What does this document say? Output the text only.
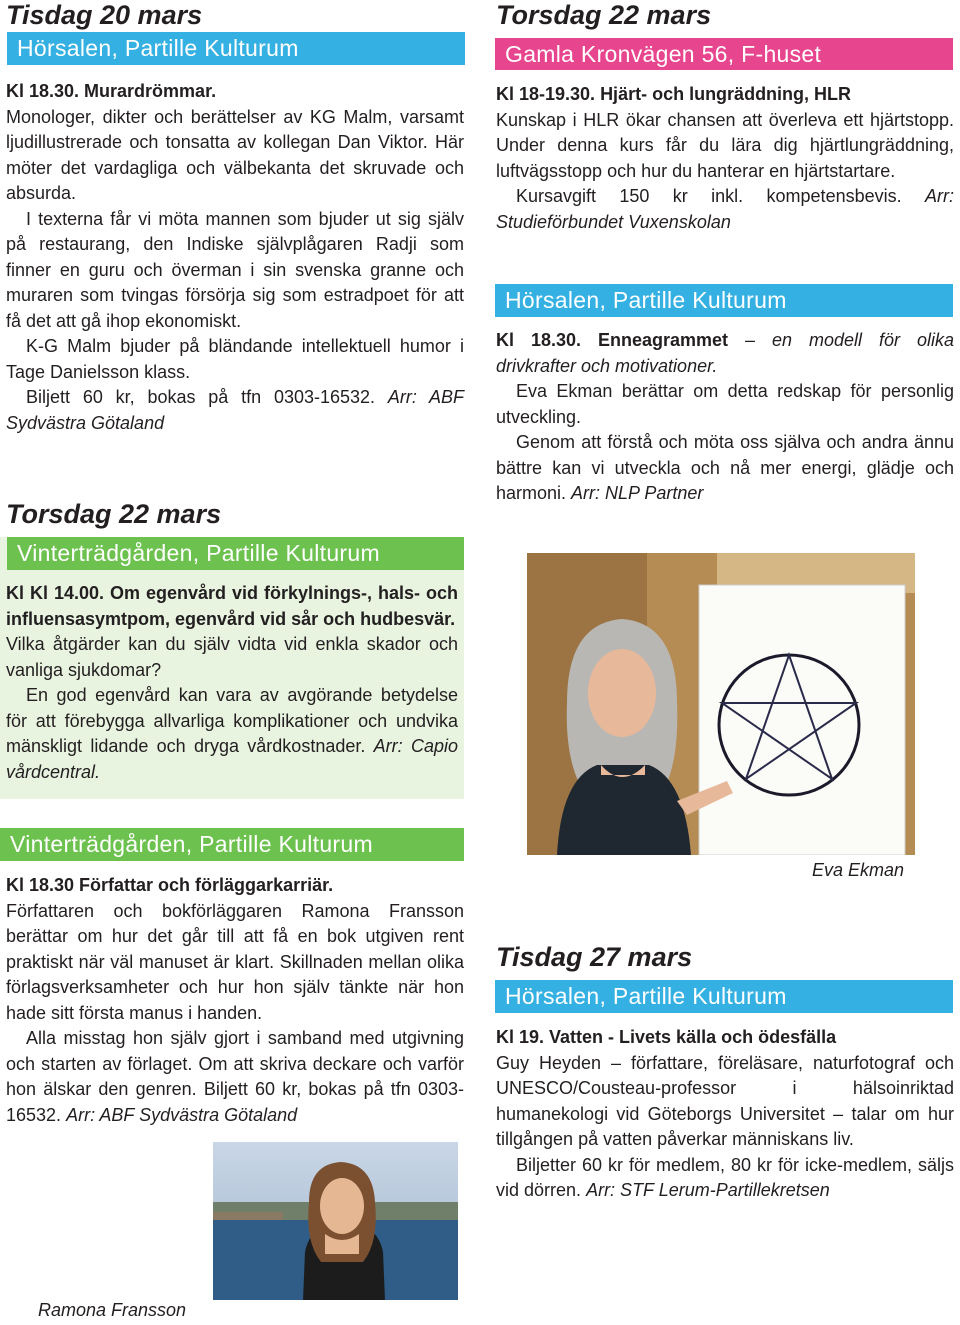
Tisdag 20 mars
Hörsalen, Partille Kulturum

Kl 18.30. Murardrömmar.

Monologer, dikter och berättelser av KG Malm, varsamt ljudillustrerade och tonsatta av kollegan Dan Viktor. Här möter det vardagliga och välbekanta det skruvade och absurda.

I texterna får vi möta mannen som bjuder ut sig själv på restaurang, den Indiske självplågaren Radji som finner en guru och överman i sin svenska granne och muraren som tvingas försörja sig som estradpoet för att få det att gå ihop ekonomiskt.

K-G Malm bjuder på bländande intellektuell humor i Tage Danielsson klass.

Biljett 60 kr, bokas på tfn 0303-16532. Arr: ABF Sydvästra Götaland

Torsdag 22 mars
Vinterträdgården, Partille Kulturum

Kl Kl 14.00. Om egenvård vid förkylnings-, hals- och influensasymtpom, egenvård vid sår och hudbesvär.

Vilka åtgärder kan du själv vidta vid enkla skador och vanliga sjukdomar?

En god egenvård kan vara av avgörande betydelse för att förebygga allvarliga komplikationer och undvika mänskligt lidande och dryga vårdkostnader. Arr: Capio vårdcentral.

Vinterträdgården, Partille Kulturum

Kl 18.30 Författar och förläggarkarriär.

Författaren och bokförläggaren Ramona Fransson berättar om hur det går till att få en bok utgiven rent praktiskt när väl manuset är klart. Skillnaden mellan olika förlagsverksamheter och hur hon själv tänkte när hon hade sitt första manus i handen.

Alla misstag hon själv gjort i samband med utgivning och starten av förlaget. Om att skriva deckare och varför hon älskar den genren. Biljett 60 kr, bokas på tfn 0303-16532. Arr: ABF Sydvästra Götaland

Ramona Fransson
Torsdag 22 mars
Gamla Kronvägen 56, F-huset

Kl 18-19.30. Hjärt- och lungräddning, HLR

Kunskap i HLR ökar chansen att överleva ett hjärtstopp. Under denna kurs får du lära dig hjärtlungräddning, luftvägsstopp och hur du hanterar en hjärtstartare.

Kursavgift 150 kr inkl. kompetensbevis. Arr: Studieförbundet Vuxenskolan

Hörsalen, Partille Kulturum

Kl 18.30. Enneagrammet – en modell för olika drivkrafter och motivationer.

Eva Ekman berättar om detta redskap för personlig utveckling.

Genom att förstå och möta oss själva och andra ännu bättre kan vi utveckla och nå mer energi, glädje och harmoni. Arr: NLP Partner

Eva Ekman
Tisdag 27 mars
Hörsalen, Partille Kulturum

Kl 19. Vatten - Livets källa och ödesfälla

Guy Heyden – författare, föreläsare, naturfotograf och UNESCO/Cousteau-professor i hälsoinriktad humanekologi vid Göteborgs Universitet – talar om hur tillgången på vatten påverkar människans liv.

Biljetter 60 kr för medlem, 80 kr för icke-medlem, säljs vid dörren. Arr: STF Lerum-Partillekretsen
